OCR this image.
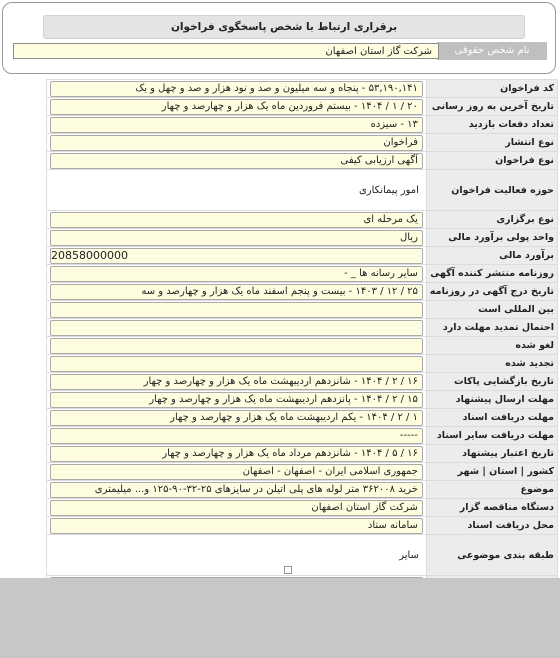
برقراری ارتباط با شخص پاسخگوی فراخوان
نام شخص حقوقی
شرکت گاز استان اصفهان
کد فراخوان	۵۳,۱۹۰,۱۴۱ - پنجاه و سه میلیون و صد و نود هزار و صد و چهل و یک

تاریخ آخرین به روز رسانی	۲۰ / ۱ / ۱۴۰۴ - بیستم فروردین ماه یک هزار و چهارصد و چهار

تعداد دفعات بازدید	۱۳ - سیزده

نوع انتشار	فراخوان

نوع فراخوان	آگهی ارزیابی کیفی

حوزه فعالیت فراخوان	امور پیمانکاری

نوع برگزاری	یک مرحله ای

واحد پولی برآورد مالی	ریال

برآورد مالی	20858000000

روزنامه منتشر کننده آگهی	سایر رسانه ها _ -

تاریخ درج آگهی در روزنامه	۲۵ / ۱۲ / ۱۴۰۳ - بیست و پنجم اسفند ماه یک هزار و چهارصد و سه

بین المللی است	

احتمال تمدید مهلت دارد	

لغو شده	

تجدید شده	

تاریخ بازگشایی پاکات	۱۶ / ۲ / ۱۴۰۴ - شانزدهم اردیبهشت ماه یک هزار و چهارصد و چهار

مهلت ارسال پیشنهاد	۱۵ / ۲ / ۱۴۰۴ - پانزدهم اردیبهشت ماه یک هزار و چهارصد و چهار

مهلت دریافت اسناد	۱ / ۲ / ۱۴۰۴ - یکم اردیبهشت ماه یک هزار و چهارصد و چهار

مهلت دریافت سایر اسناد	-----

تاریخ اعتبار پیشنهاد	۱۶ / ۵ / ۱۴۰۴ - شانزدهم مرداد ماه یک هزار و چهارصد و چهار

کشور | استان | شهر	جمهوری اسلامی ایران - اصفهان - اصفهان

موضوع	خرید ۳۶۲۰۰۸ متر لوله های پلی اتیلن در سایزهای ۲۵-۳۲-۹۰-۱۲۵ و... میلیمتری

دستگاه مناقصه گزار	شرکت گاز استان اصفهان

محل دریافت اسناد	سامانه ستاد

طبقه بندی موضوعی	سایر
